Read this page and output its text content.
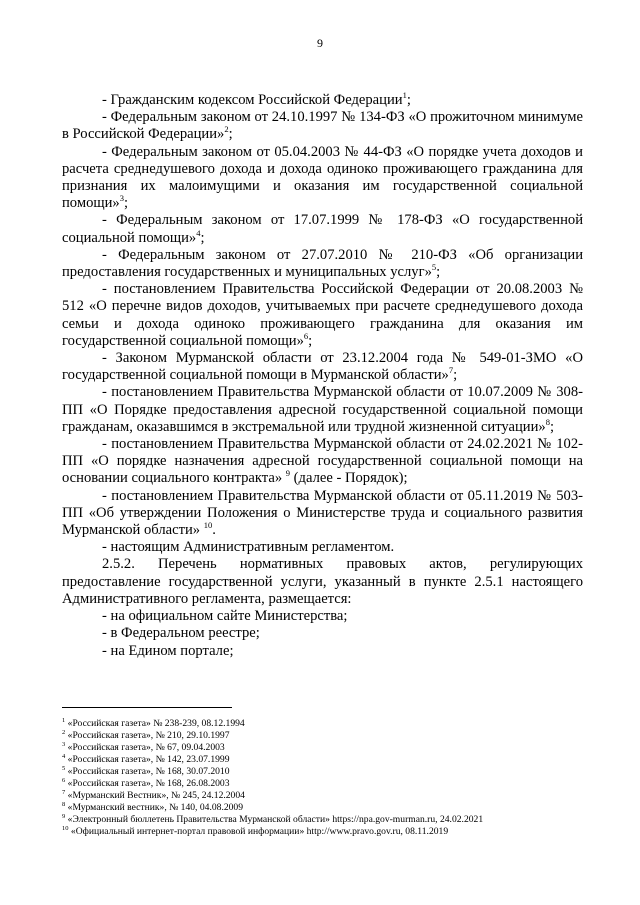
9

- Гражданским кодексом Российской Федерации$^1$;

- Федеральным законом от 24.10.1997 № 134-ФЗ «О прожиточном минимуме в Российской Федерации»$^2$;

- Федеральным законом от 05.04.2003 № 44-ФЗ «О порядке учета доходов и расчета среднедушевого дохода и дохода одиноко проживающего гражданина для признания их малоимущими и оказания им государственной социальной помощи»$^3$;

- Федеральным законом от 17.07.1999 № 178-ФЗ «О государственной социальной помощи»$^4$;

- Федеральным законом от 27.07.2010 № 210-ФЗ «Об организации предоставления государственных и муниципальных услуг»$^5$;

- постановлением Правительства Российской Федерации от 20.08.2003 № 512 «О перечне видов доходов, учитываемых при расчете среднедушевого дохода семьи и дохода одиноко проживающего гражданина для оказания им государственной социальной помощи»$^6$;

- Законом Мурманской области от 23.12.2004 года № 549-01-ЗМО «О государственной социальной помощи в Мурманской области»$^7$;

- постановлением Правительства Мурманской области от 10.07.2009 № 308-ПП «О Порядке предоставления адресной государственной социальной помощи гражданам, оказавшимся в экстремальной или трудной жизненной ситуации»$^8$;

- постановлением Правительства Мурманской области от 24.02.2021 № 102-ПП «О порядке назначения адресной государственной социальной помощи на основании социального контракта» $^9$ (далее - Порядок);

- постановлением Правительства Мурманской области от 05.11.2019 № 503-ПП «Об утверждении Положения о Министерстве труда и социального развития Мурманской области» $^{10}$.

- настоящим Административным регламентом.

2.5.2. Перечень нормативных правовых актов, регулирующих предоставление государственной услуги, указанный в пункте 2.5.1 настоящего Административного регламента, размещается:

- на официальном сайте Министерства;

- в Федеральном реестре;

- на Едином портале;

$^1$ «Российская газета» № 238-239, 08.12.1994
$^2$ «Российская газета», № 210, 29.10.1997
$^3$ «Российская газета», № 67, 09.04.2003
$^4$ «Российская газета», № 142, 23.07.1999
$^5$ «Российская газета», № 168, 30.07.2010
$^6$ «Российская газета», № 168, 26.08.2003
$^7$ «Мурманский Вестник», № 245, 24.12.2004
$^8$ «Мурманский вестник», № 140, 04.08.2009
$^9$ «Электронный бюллетень Правительства Мурманской области» https://npa.gov-murman.ru, 24.02.2021
$^{10}$ «Официальный интернет-портал правовой информации» http://www.pravo.gov.ru, 08.11.2019
